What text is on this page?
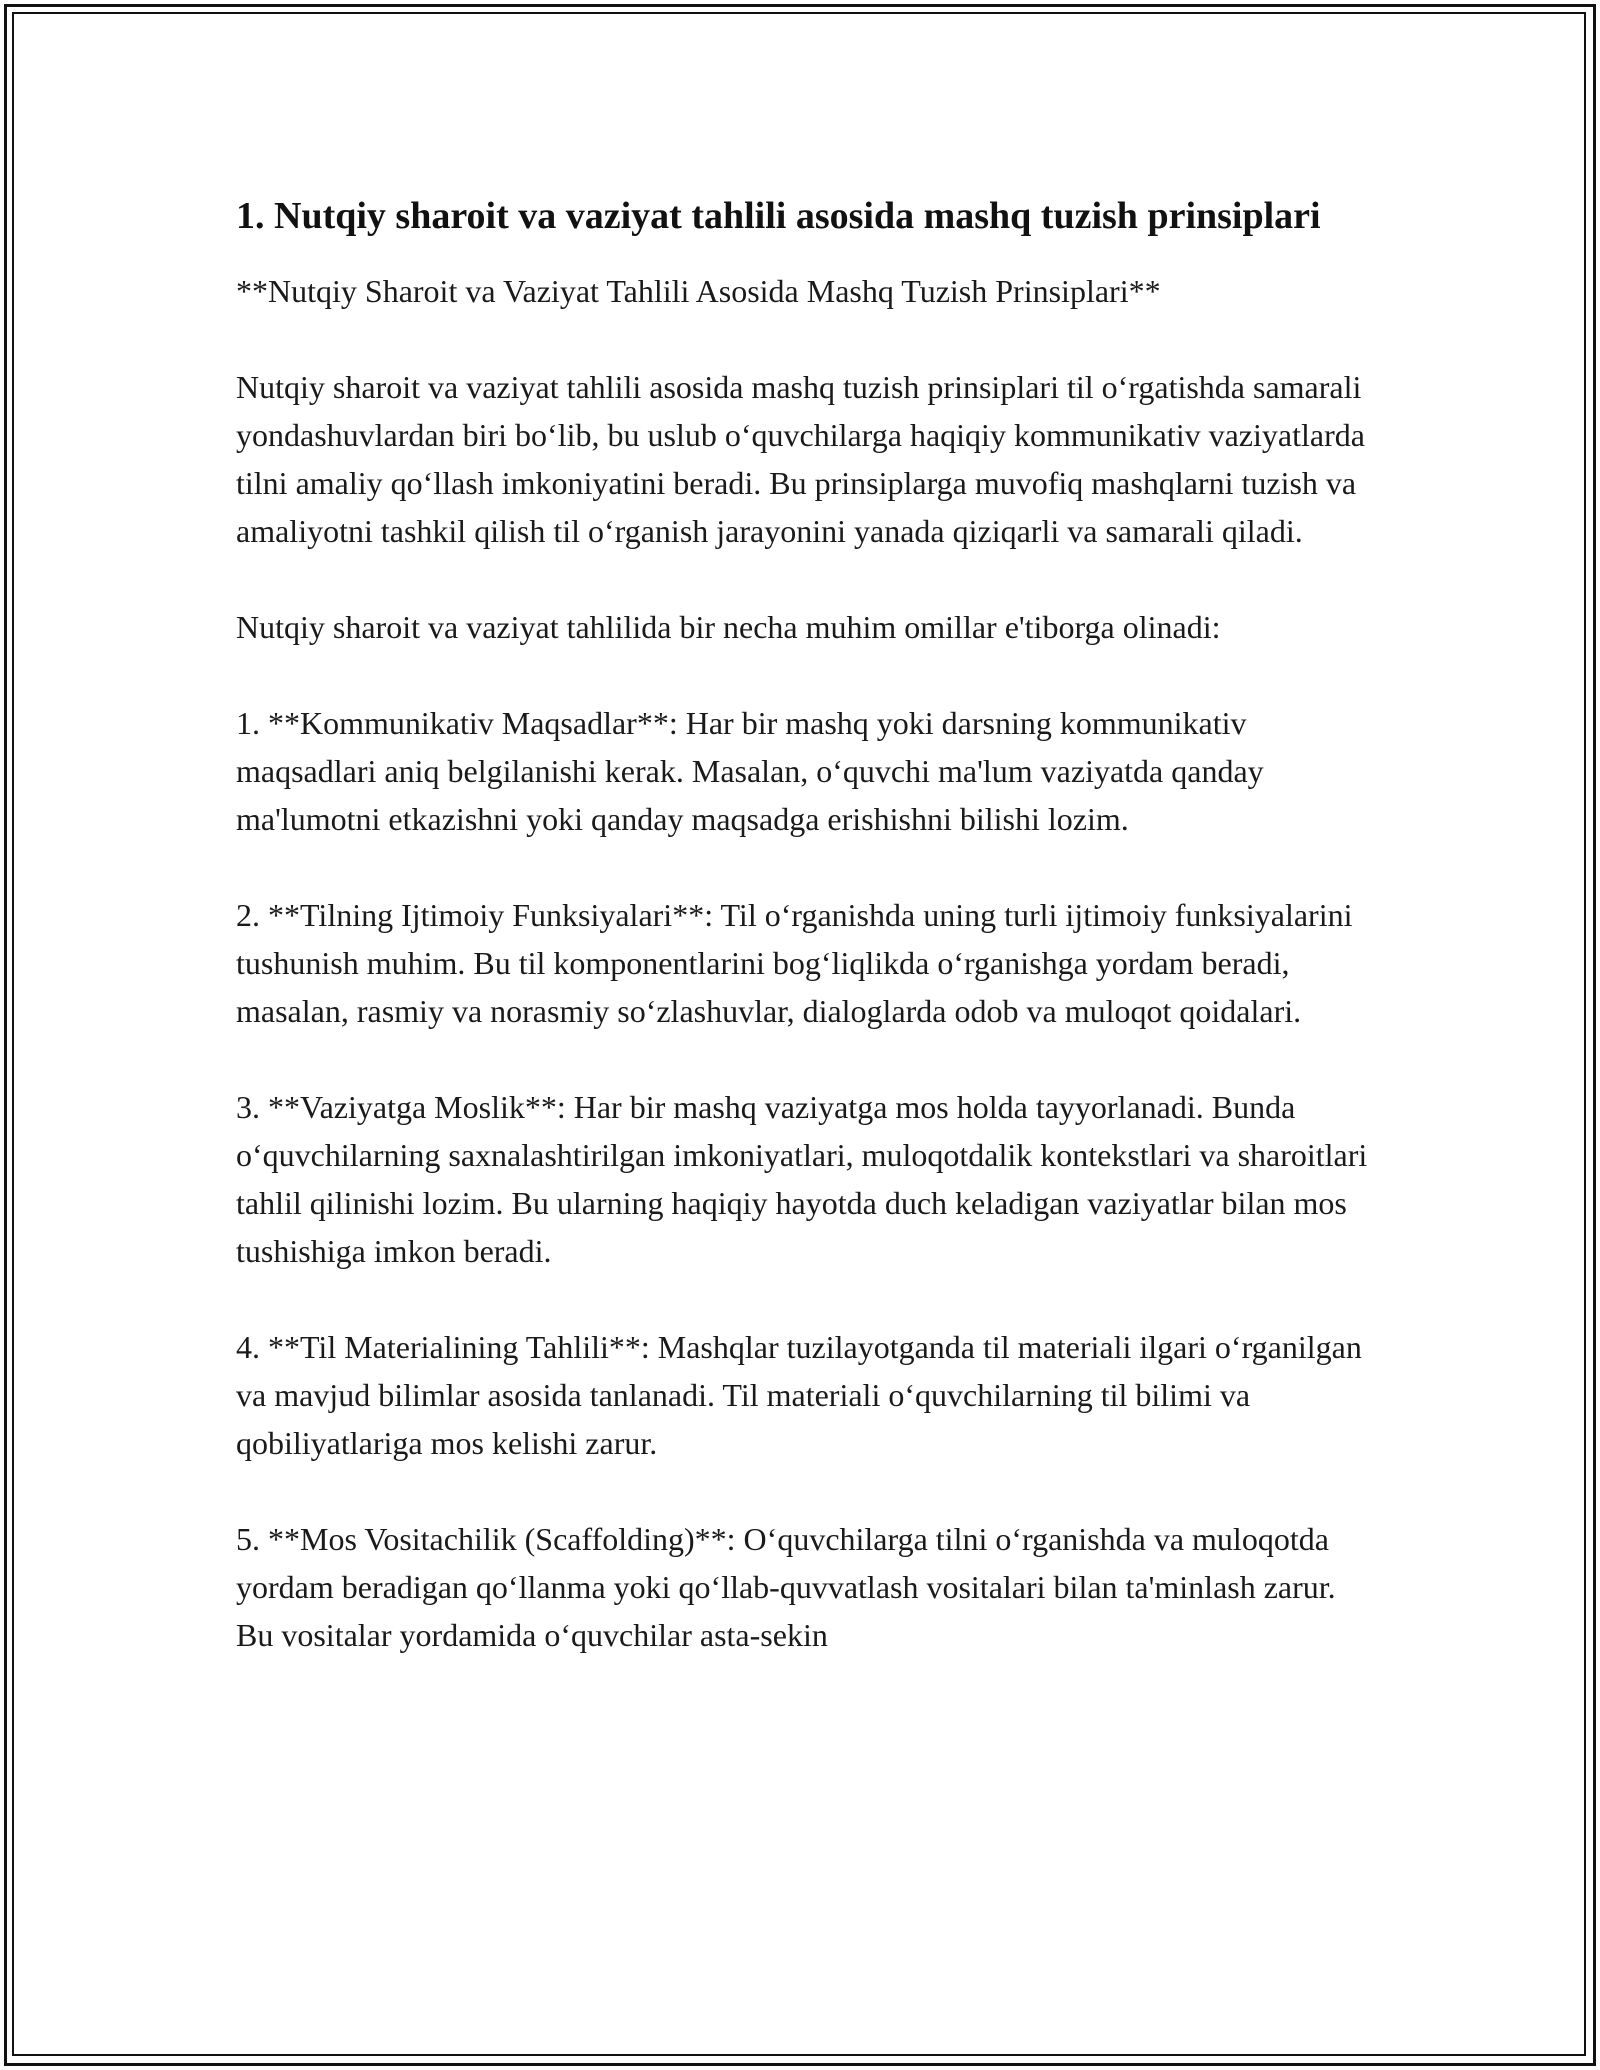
1. Nutqiy sharoit va vaziyat tahlili asosida mashq tuzish prinsiplari

**Nutqiy Sharoit va Vaziyat Tahlili Asosida Mashq Tuzish Prinsiplari**

Nutqiy sharoit va vaziyat tahlili asosida mashq tuzish prinsiplari til o‘rgatishda samarali yondashuvlardan biri bo‘lib, bu uslub o‘quvchilarga haqiqiy kommunikativ vaziyatlarda tilni amaliy qo‘llash imkoniyatini beradi. Bu prinsiplarga muvofiq mashqlarni tuzish va amaliyotni tashkil qilish til o‘rganish jarayonini yanada qiziqarli va samarali qiladi.

Nutqiy sharoit va vaziyat tahlilida bir necha muhim omillar e'tiborga olinadi:

1. **Kommunikativ Maqsadlar**: Har bir mashq yoki darsning kommunikativ maqsadlari aniq belgilanishi kerak. Masalan, o‘quvchi ma'lum vaziyatda qanday ma'lumotni etkazishni yoki qanday maqsadga erishishni bilishi lozim.

2. **Tilning Ijtimoiy Funksiyalari**: Til o‘rganishda uning turli ijtimoiy funksiyalarini tushunish muhim. Bu til komponentlarini bog‘liqlikda o‘rganishga yordam beradi, masalan, rasmiy va norasmiy so‘zlashuvlar, dialoglarda odob va muloqot qoidalari.

3. **Vaziyatga Moslik**: Har bir mashq vaziyatga mos holda tayyorlanadi. Bunda o‘quvchilarning saxnalashtirilgan imkoniyatlari, muloqotdalik kontekstlari va sharoitlari tahlil qilinishi lozim. Bu ularning haqiqiy hayotda duch keladigan vaziyatlar bilan mos tushishiga imkon beradi.

4. **Til Materialining Tahlili**: Mashqlar tuzilayotganda til materiali ilgari o‘rganilgan va mavjud bilimlar asosida tanlanadi. Til materiali o‘quvchilarning til bilimi va qobiliyatlariga mos kelishi zarur.

5. **Mos Vositachilik (Scaffolding)**: O‘quvchilarga tilni o‘rganishda va muloqotda yordam beradigan qo‘llanma yoki qo‘llab-quvvatlash vositalari bilan ta'minlash zarur. Bu vositalar yordamida o‘quvchilar asta-sekin
